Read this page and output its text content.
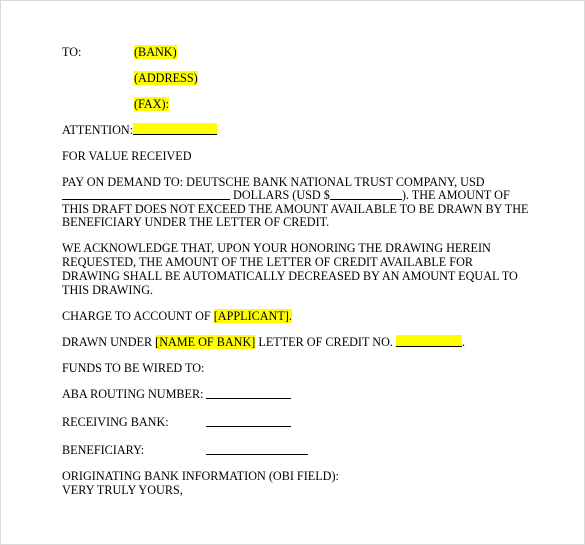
TO:	(BANK)
(ADDRESS)
(FAX):
ATTENTION:
FOR VALUE RECEIVED
PAY ON DEMAND TO: DEUTSCHE BANK NATIONAL TRUST COMPANY, USD
DOLLARS (USD $	). THE AMOUNT OF
THIS DRAFT DOES NOT EXCEED THE AMOUNT AVAILABLE TO BE DRAWN BY THE
BENEFICIARY UNDER THE LETTER OF CREDIT.
WE ACKNOWLEDGE THAT, UPON YOUR HONORING THE DRAWING HEREIN
REQUESTED, THE AMOUNT OF THE LETTER OF CREDIT AVAILABLE FOR
DRAWING SHALL BE AUTOMATICALLY DECREASED BY AN AMOUNT EQUAL TO
THIS DRAWING.
CHARGE TO ACCOUNT OF [APPLICANT].
DRAWN UNDER [NAME OF BANK] LETTER OF CREDIT NO.	.
FUNDS TO BE WIRED TO:
ABA ROUTING NUMBER:
RECEIVING BANK:
BENEFICIARY:
ORIGINATING BANK INFORMATION (OBI FIELD):
VERY TRULY YOURS,
